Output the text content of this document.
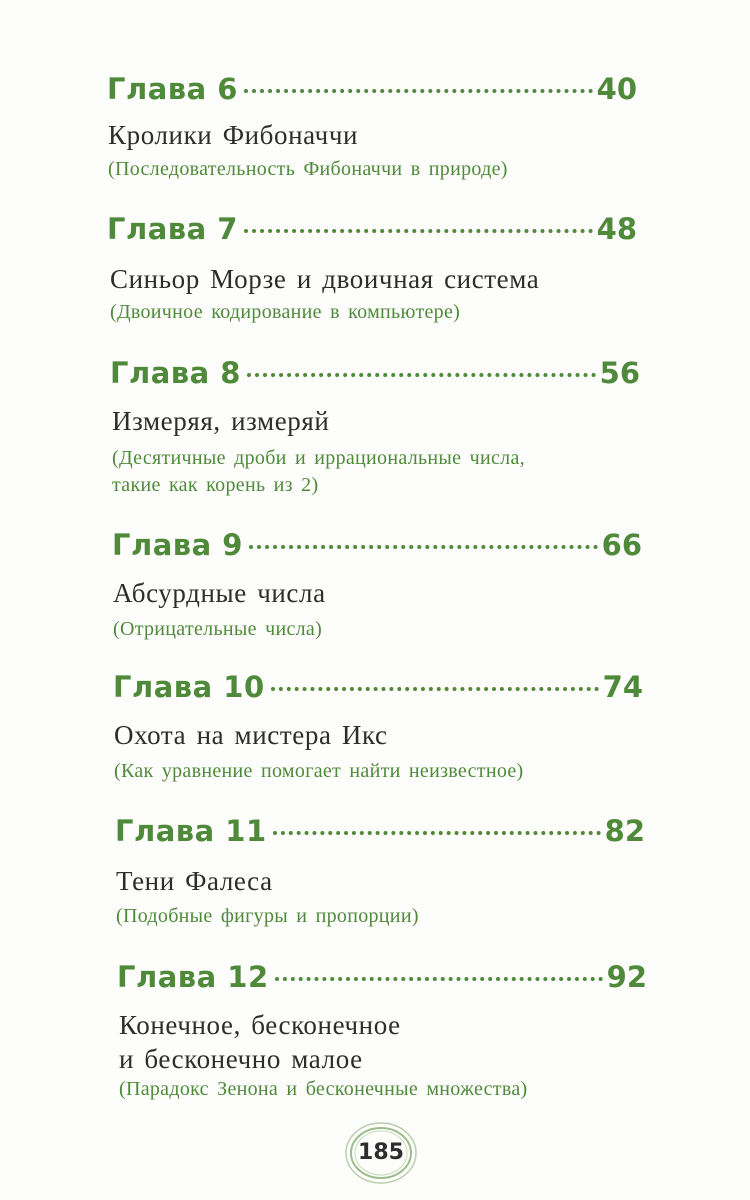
Глава 6	40
Кролики Фибоначчи
(Последовательность Фибоначчи в природе)
Глава 7	48
Синьор Морзе и двоичная система
(Двоичное кодирование в компьютере)
Глава 8	56
Измеряя, измеряй
(Десятичные дроби и иррациональные числа,
такие как корень из 2)
Глава 9	66
Абсурдные числа
(Отрицательные числа)
Глава 10	74
Охота на мистера Икс
(Как уравнение помогает найти неизвестное)
Глава 11	82
Тени Фалеса
(Подобные фигуры и пропорции)
Глава 12	92
Конечное, бесконечное
и бесконечно малое
(Парадокс Зенона и бесконечные множества)
185
